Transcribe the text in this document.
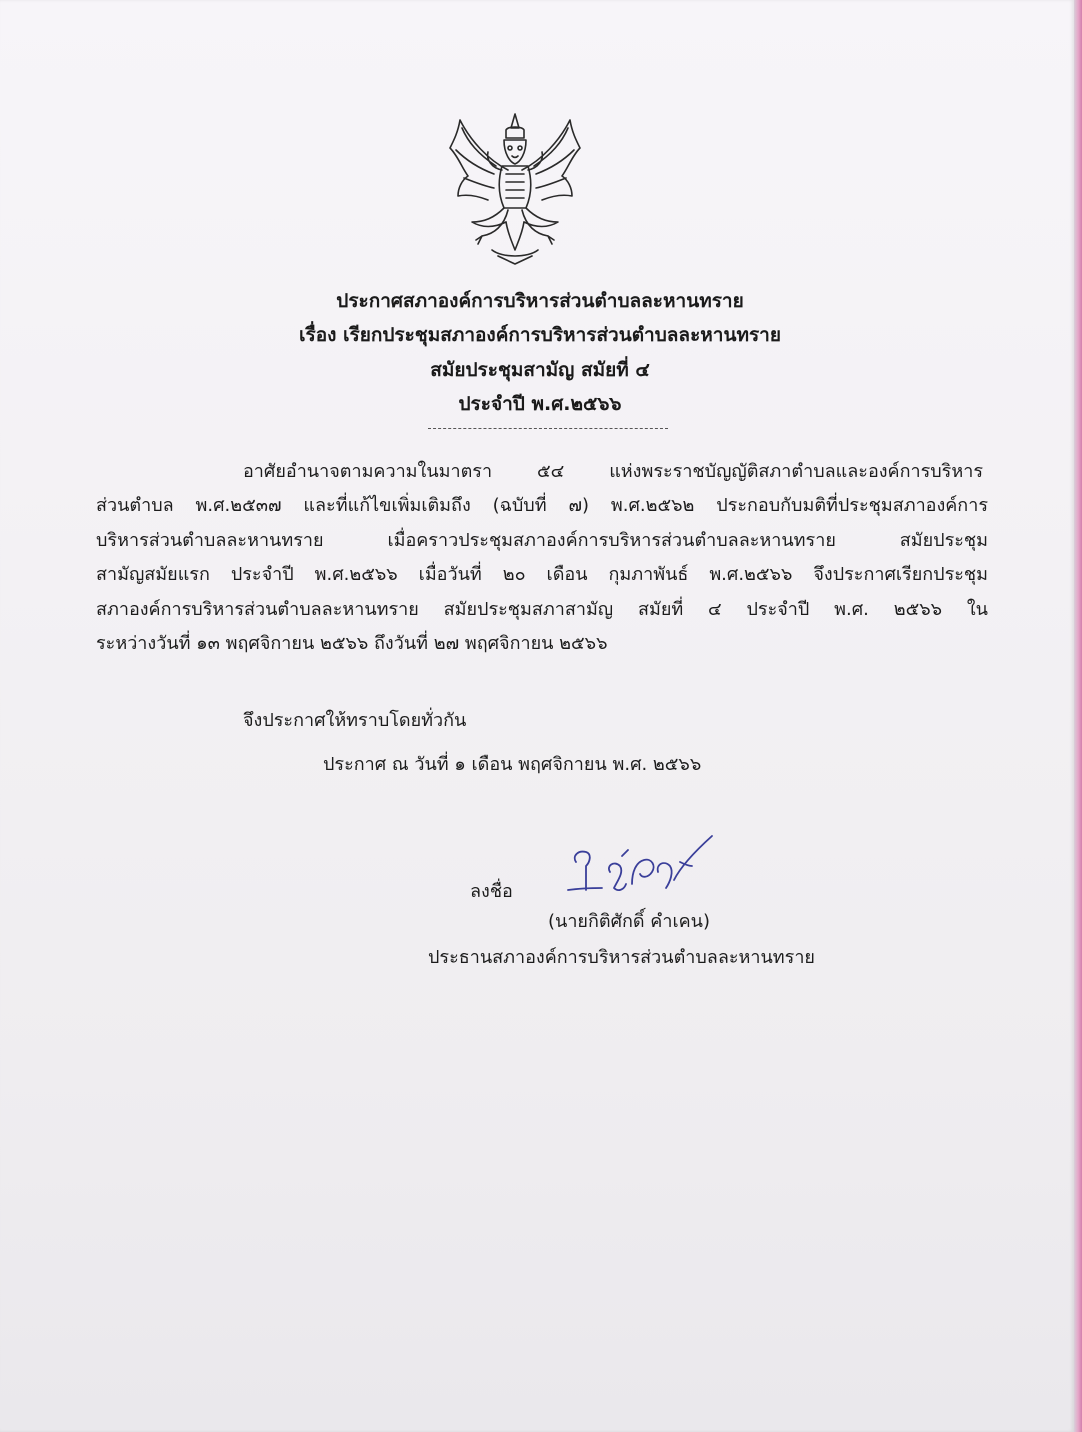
ประกาศสภาองค์การบริหารส่วนตำบลละหานทราย
เรื่อง เรียกประชุมสภาองค์การบริหารส่วนตำบลละหานทราย
สมัยประชุมสามัญ สมัยที่ ๔
ประจำปี พ.ศ.๒๕๖๖
อาศัยอำนาจตามความในมาตรา ๕๔ แห่งพระราชบัญญัติสภาตำบลและองค์การบริหาร
ส่วนตำบล พ.ศ.๒๕๓๗ และที่แก้ไขเพิ่มเติมถึง (ฉบับที่ ๗) พ.ศ.๒๕๖๒ ประกอบกับมติที่ประชุมสภาองค์การ
บริหารส่วนตำบลละหานทราย เมื่อคราวประชุมสภาองค์การบริหารส่วนตำบลละหานทราย สมัยประชุม
สามัญสมัยแรก ประจำปี พ.ศ.๒๕๖๖ เมื่อวันที่ ๒๐ เดือน กุมภาพันธ์ พ.ศ.๒๕๖๖ จึงประกาศเรียกประชุม
สภาองค์การบริหารส่วนตำบลละหานทราย สมัยประชุมสภาสามัญ สมัยที่ ๔ ประจำปี พ.ศ. ๒๕๖๖ ใน
ระหว่างวันที่ ๑๓ พฤศจิกายน ๒๕๖๖ ถึงวันที่ ๒๗ พฤศจิกายน ๒๕๖๖
จึงประกาศให้ทราบโดยทั่วกัน
ประกาศ ณ วันที่ ๑ เดือน พฤศจิกายน พ.ศ. ๒๕๖๖
ลงชื่อ
(นายกิติศักดิ์ คำเคน)
ประธานสภาองค์การบริหารส่วนตำบลละหานทราย
